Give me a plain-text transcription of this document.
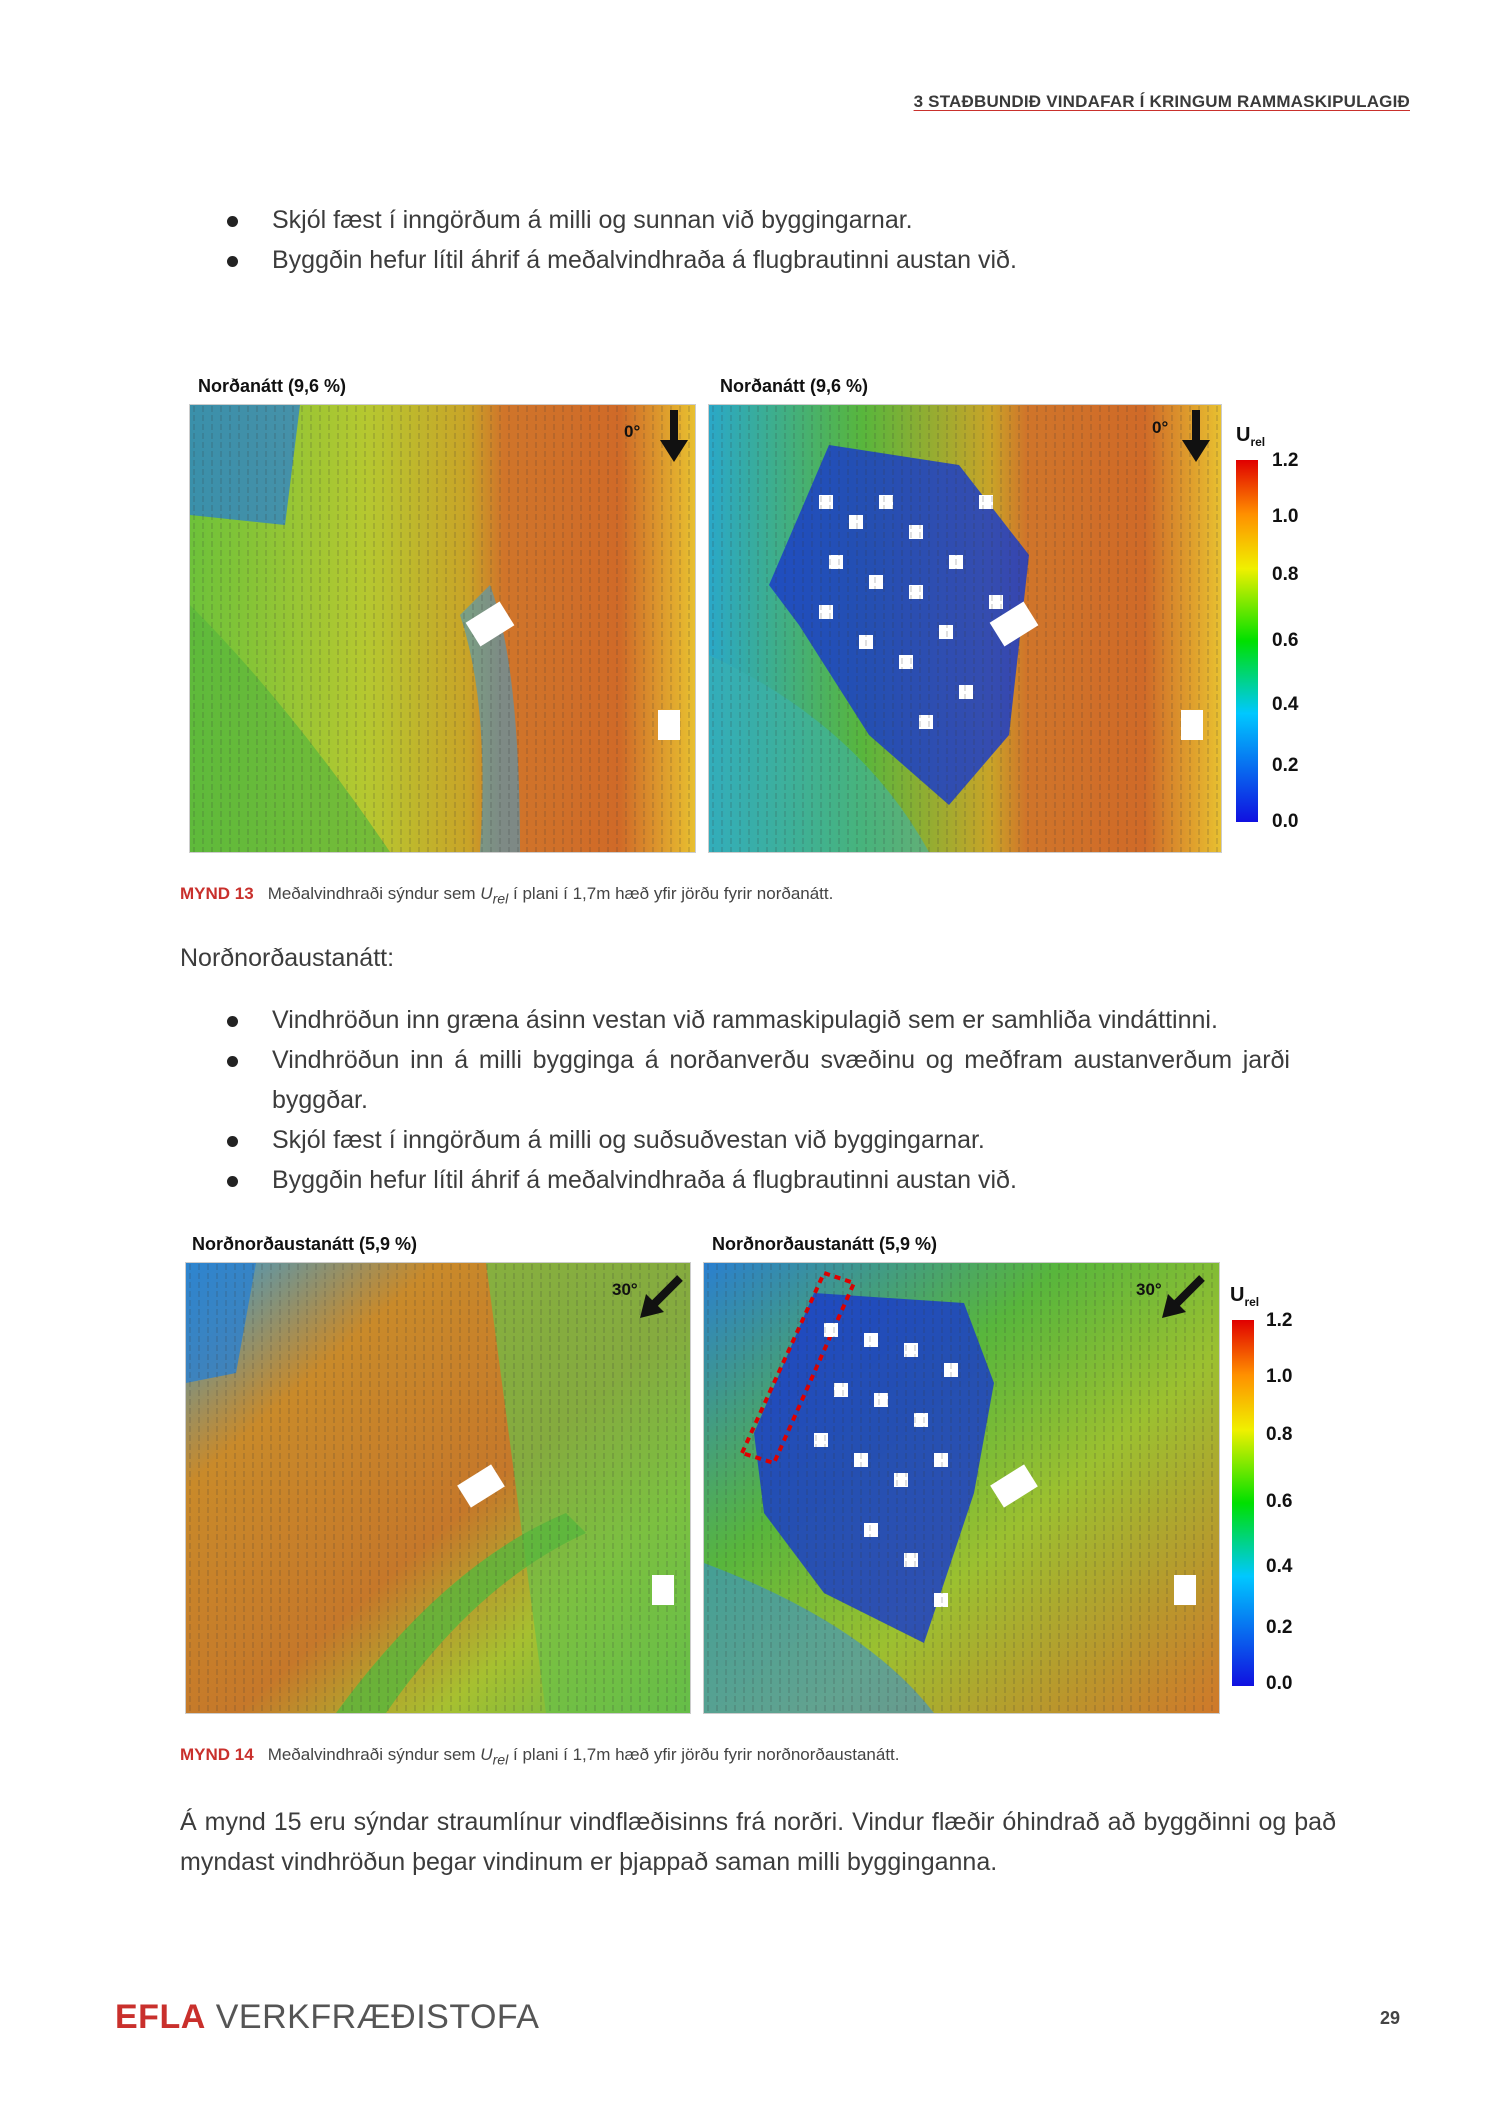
3 STAÐBUNDIÐ VINDAFAR Í KRINGUM RAMMASKIPULAGIÐ
Skjól fæst í inngörðum á milli og sunnan við byggingarnar.
Byggðin hefur lítil áhrif á meðalvindhraða á flugbrautinni austan við.
Norðanátt (9,6 %)	Norðanátt (9,6 %)
0°	0°	$U_{rel}$
1.2
1.0
0.8
0.6
0.4
0.2
0.0
MYND 13 Meðalvindhraði sýndur sem $U_{rel}$ í plani í 1,7m hæð yfir jörðu fyrir norðanátt.
Norðnorðaustanátt:
Vindhröðun inn græna ásinn vestan við rammaskipulagið sem er samhliða vindáttinni.
Vindhröðun inn á milli bygginga á norðanverðu svæðinu og meðfram austanverðum jarði byggðar.
Skjól fæst í inngörðum á milli og suðsuðvestan við byggingarnar.
Byggðin hefur lítil áhrif á meðalvindhraða á flugbrautinni austan við.
Norðnorðaustanátt (5,9 %)	Norðnorðaustanátt (5,9 %)
30°	30°	$U_{rel}$
1.2
1.0
0.8
0.6
0.4
0.2
0.0
MYND 14 Meðalvindhraði sýndur sem $U_{rel}$ í plani í 1,7m hæð yfir jörðu fyrir norðnorðaustanátt.
Á mynd 15 eru sýndar straumlínur vindflæðisinns frá norðri. Vindur flæðir óhindrað að byggðinni og það myndast vindhröðun þegar vindinum er þjappað saman milli bygginganna.
EFLA VERKFRÆÐISTOFA	29
